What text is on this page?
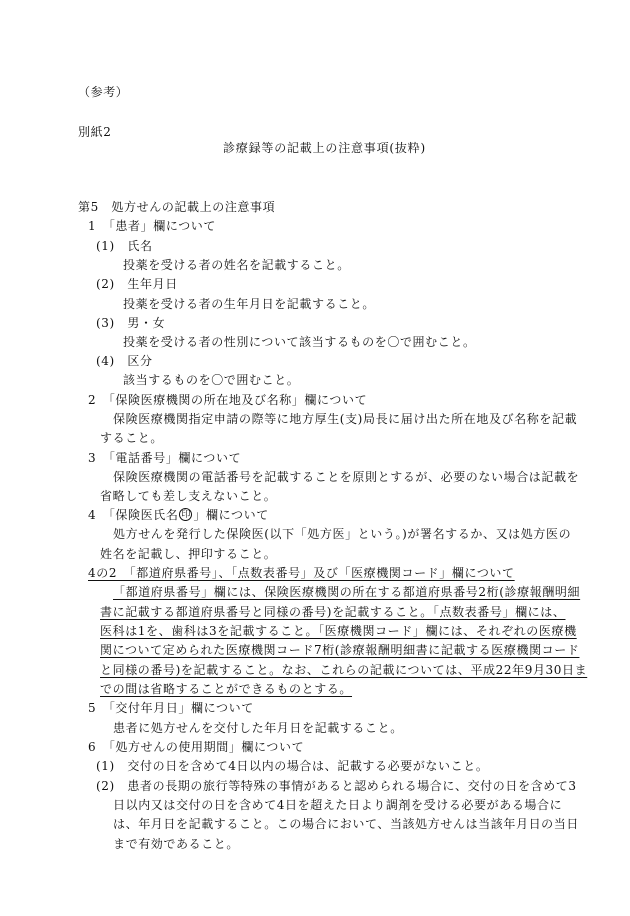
（参考）
別紙2
診療録等の記載上の注意事項(抜粋)
第5　処方せんの記載上の注意事項
1　「患者」欄について
(1)　氏名
投薬を受ける者の姓名を記載すること。
(2)　生年月日
投薬を受ける者の生年月日を記載すること。
(3)　男・女
投薬を受ける者の性別について該当するものを〇で囲むこと。
(4)　区分
該当するものを〇で囲むこと。
2　「保険医療機関の所在地及び名称」欄について
保険医療機関指定申請の際等に地方厚生(支)局長に届け出た所在地及び名称を記載
すること。
3　「電話番号」欄について
保険医療機関の電話番号を記載することを原則とするが、必要のない場合は記載を
省略しても差し支えないこと。
4　「保険医氏名 印 」欄について
処方せんを発行した保険医(以下「処方医」という。)が署名するか、又は処方医の
姓名を記載し、押印すること。
4の2　「都道府県番号」、「点数表番号」及び「医療機関コード」欄について
「都道府県番号」欄には、保険医療機関の所在する都道府県番号2桁(診療報酬明細
書に記載する都道府県番号と同様の番号)を記載すること。「点数表番号」欄には、
医科は1を、歯科は3を記載すること。「医療機関コード」欄には、それぞれの医療機
関について定められた医療機関コード7桁(診療報酬明細書に記載する医療機関コード
と同様の番号)を記載すること。なお、これらの記載については、平成22年9月30日ま
での間は省略することができるものとする。
5　「交付年月日」欄について
患者に処方せんを交付した年月日を記載すること。
6　「処方せんの使用期間」欄について
(1)　交付の日を含めて4日以内の場合は、記載する必要がないこと。
(2)　患者の長期の旅行等特殊の事情があると認められる場合に、交付の日を含めて3
日以内又は交付の日を含めて4日を超えた日より調剤を受ける必要がある場合に
は、年月日を記載すること。この場合において、当該処方せんは当該年月日の当日
まで有効であること。
